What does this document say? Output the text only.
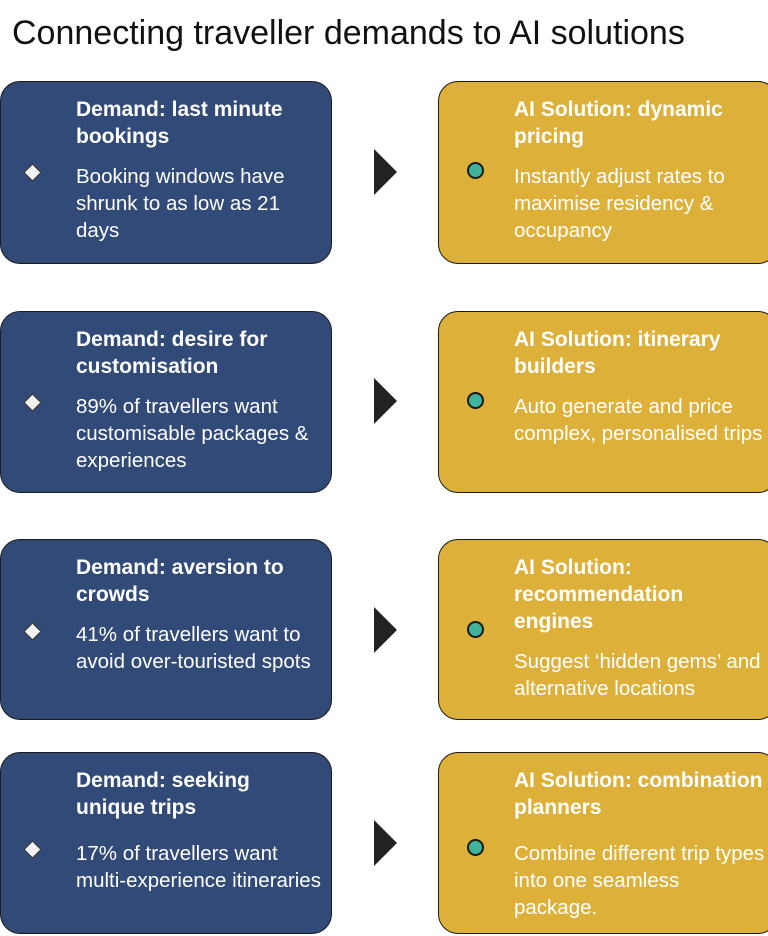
Connecting traveller demands to AI solutions
Demand: last minute bookings
Booking windows have shrunk to as low as 21 days
AI Solution: dynamic pricing
Instantly adjust rates to maximise residency & occupancy
Demand: desire for customisation
89% of travellers want customisable packages & experiences
AI Solution: itinerary builders
Auto generate and price complex, personalised trips
Demand: aversion to crowds
41% of travellers want to avoid over-touristed spots
AI Solution: recommendation engines
Suggest ‘hidden gems’ and alternative locations
Demand: seeking unique trips
17% of travellers want multi-experience itineraries
AI Solution: combination planners
Combine different trip types into one seamless package.
